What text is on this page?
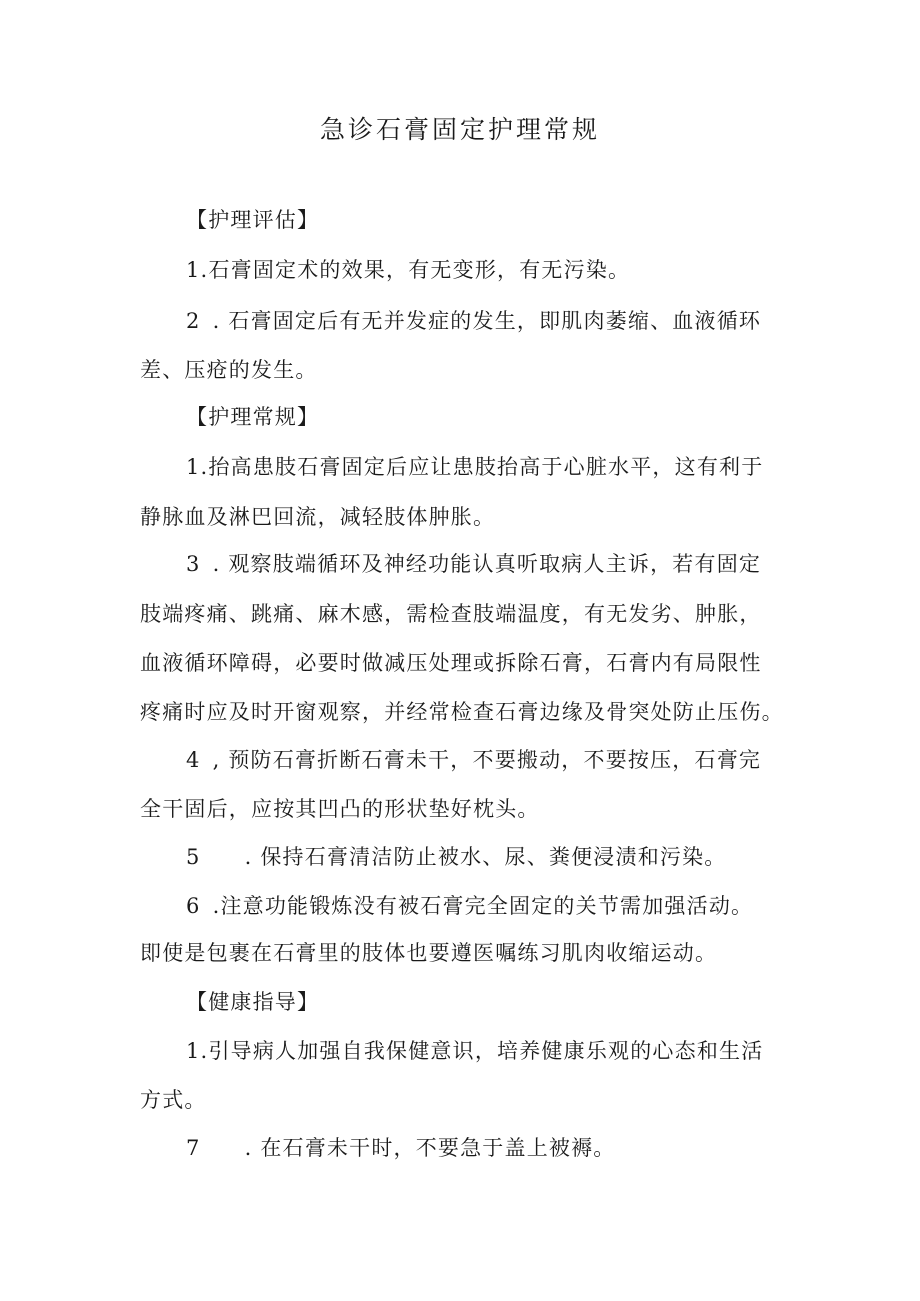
急诊石膏固定护理常规
【护理评估】
1.石膏固定术的效果，有无变形，有无污染。
2 . 石膏固定后有无并发症的发生，即肌肉萎缩、血液循环
差、压疮的发生。
【护理常规】
1.抬高患肢石膏固定后应让患肢抬高于心脏水平，这有利于
静脉血及淋巴回流，减轻肢体肿胀。
3 . 观察肢端循环及神经功能认真听取病人主诉，若有固定
肢端疼痛、跳痛、麻木感，需检查肢端温度，有无发劣、肿胀，
血液循环障碍，必要时做减压处理或拆除石膏，石膏内有局限性
疼痛时应及时开窗观察，并经常检查石膏边缘及骨突处防止压伤。
4 , 预防石膏折断石膏未干，不要搬动，不要按压，石膏完
全干固后，应按其凹凸的形状垫好枕头。
5 . 保持石膏清洁防止被水、尿、粪便浸渍和污染。
6 .注意功能锻炼没有被石膏完全固定的关节需加强活动。
即使是包裹在石膏里的肢体也要遵医嘱练习肌肉收缩运动。
【健康指导】
1.引导病人加强自我保健意识，培养健康乐观的心态和生活
方式。
7 . 在石膏未干时，不要急于盖上被褥。
